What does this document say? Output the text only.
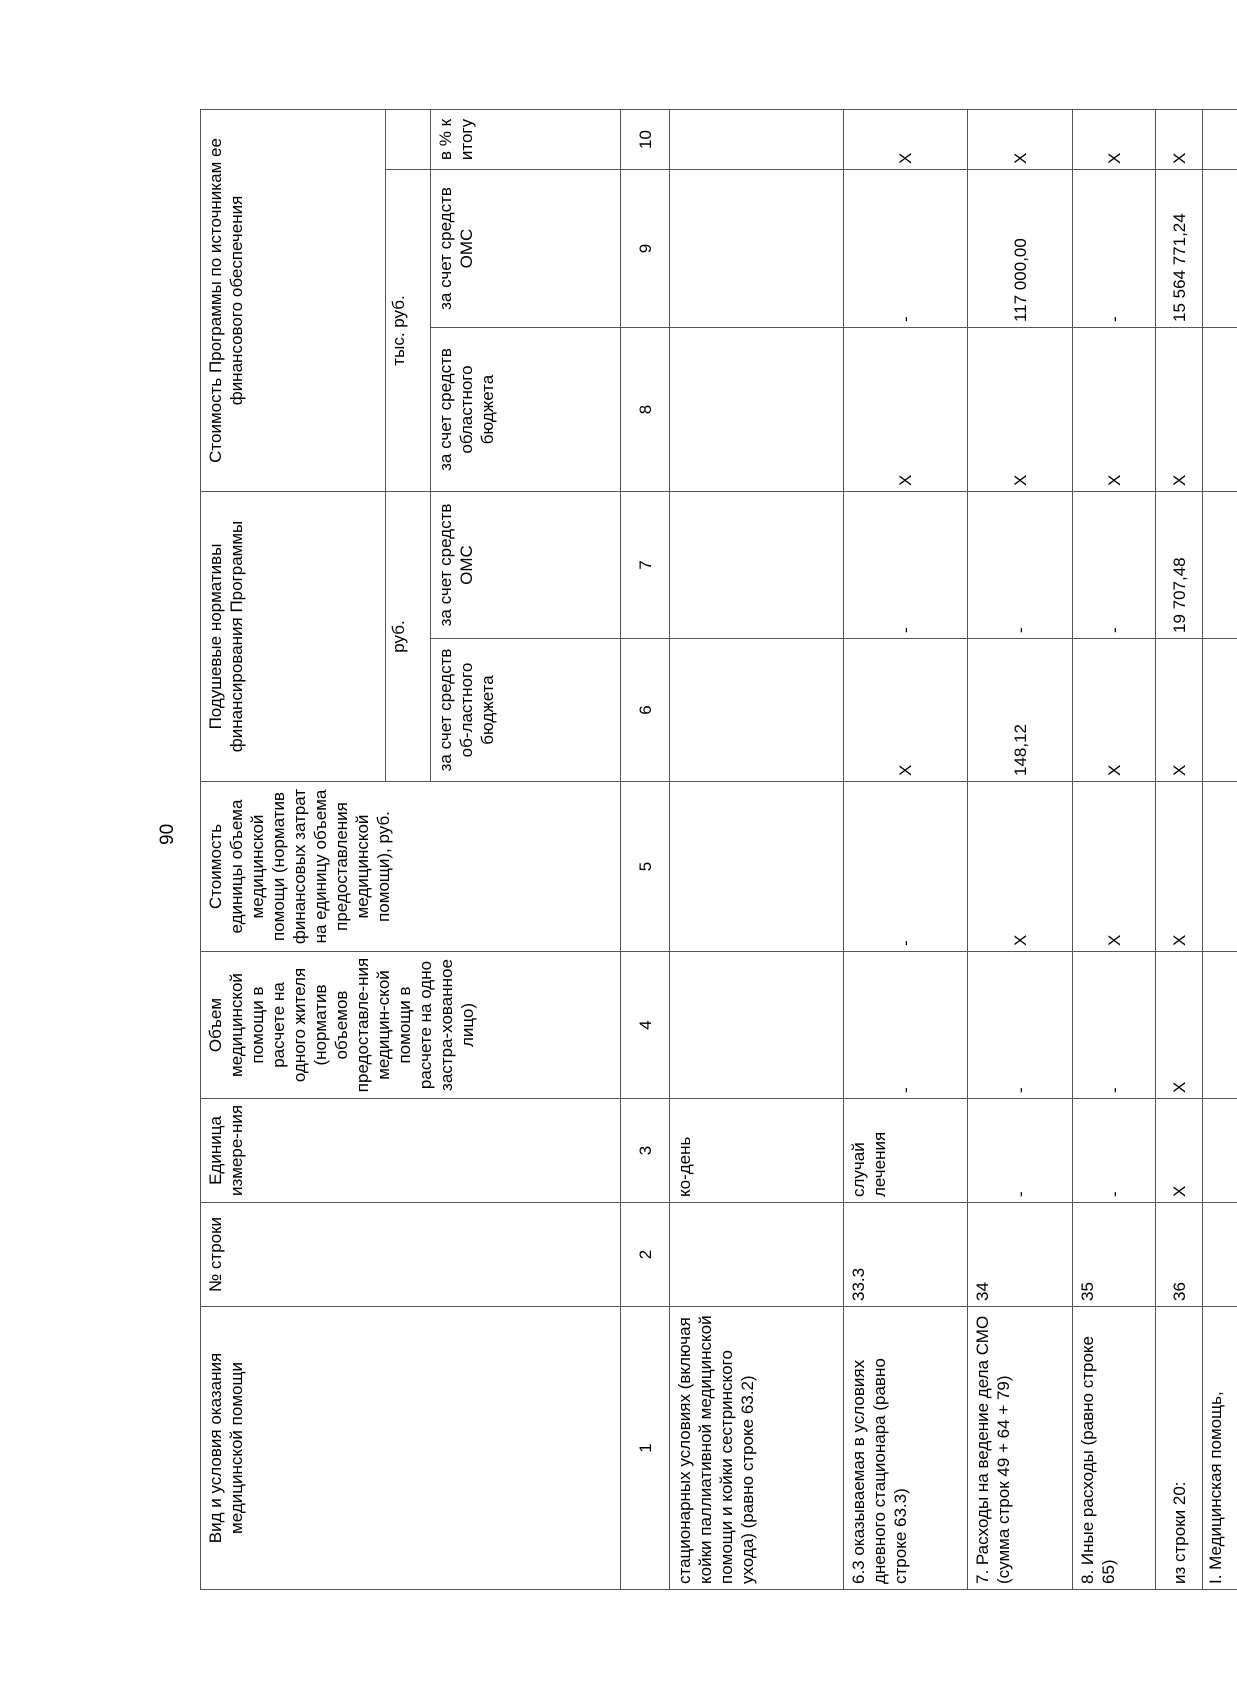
90
Вид и условия оказания медицинской помощи	№ строки	Единица измере-ния	Объем медицинской помощи в расчете на одного жителя (норматив объемов предоставле-ния медицин-ской помощи в расчете на одно застра-хованное лицо)	Стоимость единицы объема медицинской помощи (норматив финансовых затрат на единицу объема предоставления медицинской помощи), руб.	Подушевые нормативы финансирования Программы		Стоимость Программы по источникам ее финансового обеспечения		
					руб.		тыс. руб.		
					за счет средств об-ластного бюджета	за счет средств ОМС	за счет средств областного бюджета	за счет средств ОМС	в % к итогу
1	2	3	4	5	6	7	8	9	10
стационарных условиях (включая койки паллиативной медицинской помощи и койки сестринского ухода) (равно строке 63.2)		ко-день							
6.3 оказываемая в условиях дневного стационара (равно строке 63.3)	33.3	случай лечения	-	-	X	-	X	-	X
7. Расходы на ведение дела СМО (сумма строк 49 + 64 + 79)	34	-	-	X	148,12	-	X	117 000,00	X
8. Иные расходы (равно строке 65)	35	-	-	X	X	-	X	-	X
из строки 20:	36	X	X	X	X	19 707,48	X	15 564 771,24	X
I. Медицинская помощь,									
